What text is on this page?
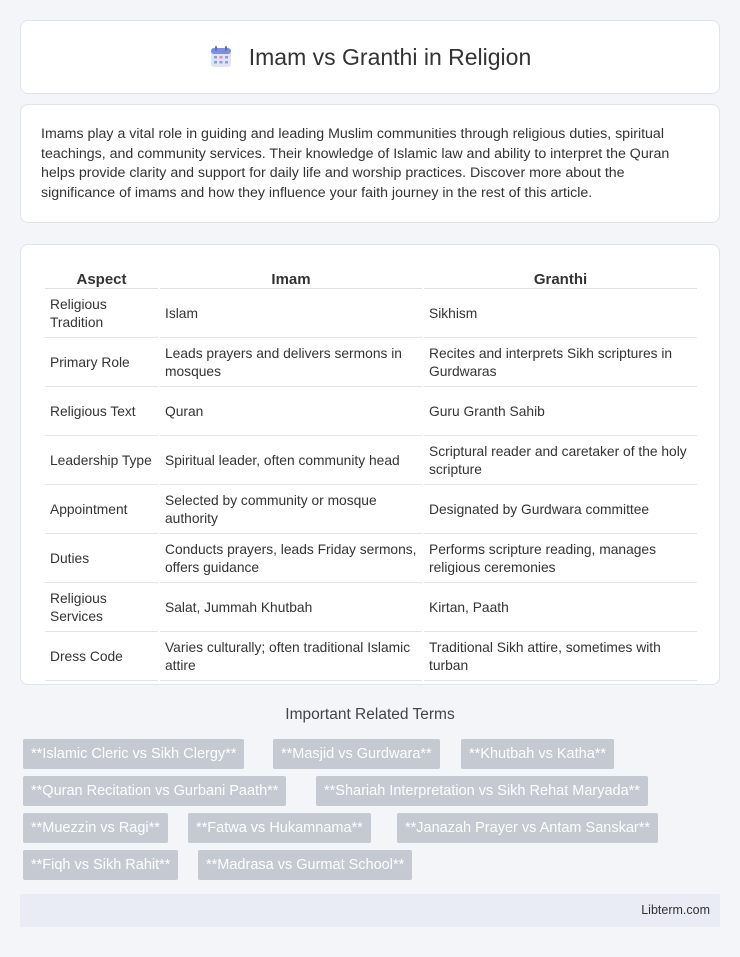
Imam vs Granthi in Religion

Imams play a vital role in guiding and leading Muslim communities through religious duties, spiritual teachings, and community services. Their knowledge of Islamic law and ability to interpret the Quran helps provide clarity and support for daily life and worship practices. Discover more about the significance of imams and how they influence your faith journey in the rest of this article.

Aspect	Imam	Granthi
Religious Tradition	Islam	Sikhism
Primary Role	Leads prayers and delivers sermons in mosques	Recites and interprets Sikh scriptures in Gurdwaras
Religious Text	Quran	Guru Granth Sahib
Leadership Type	Spiritual leader, often community head	Scriptural reader and caretaker of the holy scripture
Appointment	Selected by community or mosque authority	Designated by Gurdwara committee
Duties	Conducts prayers, leads Friday sermons, offers guidance	Performs scripture reading, manages religious ceremonies
Religious Services	Salat, Jummah Khutbah	Kirtan, Paath
Dress Code	Varies culturally; often traditional Islamic attire	Traditional Sikh attire, sometimes with turban
Important Related Terms
**Islamic Cleric vs Sikh Clergy**	**Masjid vs Gurdwara**	**Khutbah vs Katha**
**Quran Recitation vs Gurbani Paath**	**Shariah Interpretation vs Sikh Rehat Maryada**
**Muezzin vs Ragi**	**Fatwa vs Hukamnama**	**Janazah Prayer vs Antam Sanskar**
**Fiqh vs Sikh Rahit**	**Madrasa vs Gurmat School**
Libterm.com
